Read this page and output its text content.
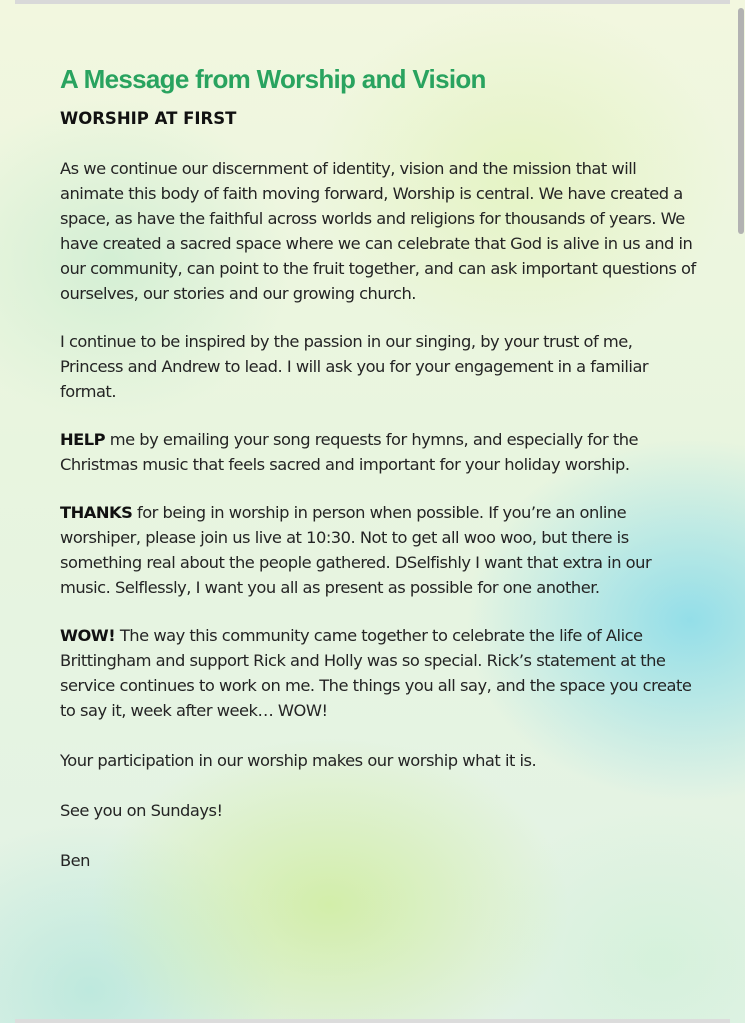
A Message from Worship and Vision
WORSHIP AT FIRST

As we continue our discernment of identity, vision and the mission that will animate this body of faith moving forward, Worship is central. We have created a space, as have the faithful across worlds and religions for thousands of years. We have created a sacred space where we can celebrate that God is alive in us and in our community, can point to the fruit together, and can ask important questions of ourselves, our stories and our growing church.

I continue to be inspired by the passion in our singing, by your trust of me, Princess and Andrew to lead. I will ask you for your engagement in a familiar format.

HELP me by emailing your song requests for hymns, and especially for the Christmas music that feels sacred and important for your holiday worship.

THANKS for being in worship in person when possible. If you’re an online worshiper, please join us live at 10:30. Not to get all woo woo, but there is something real about the people gathered. DSelfishly I want that extra in our music. Selflessly, I want you all as present as possible for one another.

WOW! The way this community came together to celebrate the life of Alice Brittingham and support Rick and Holly was so special. Rick’s statement at the service continues to work on me. The things you all say, and the space you create to say it, week after week… WOW!

Your participation in our worship makes our worship what it is.

See you on Sundays!

Ben
